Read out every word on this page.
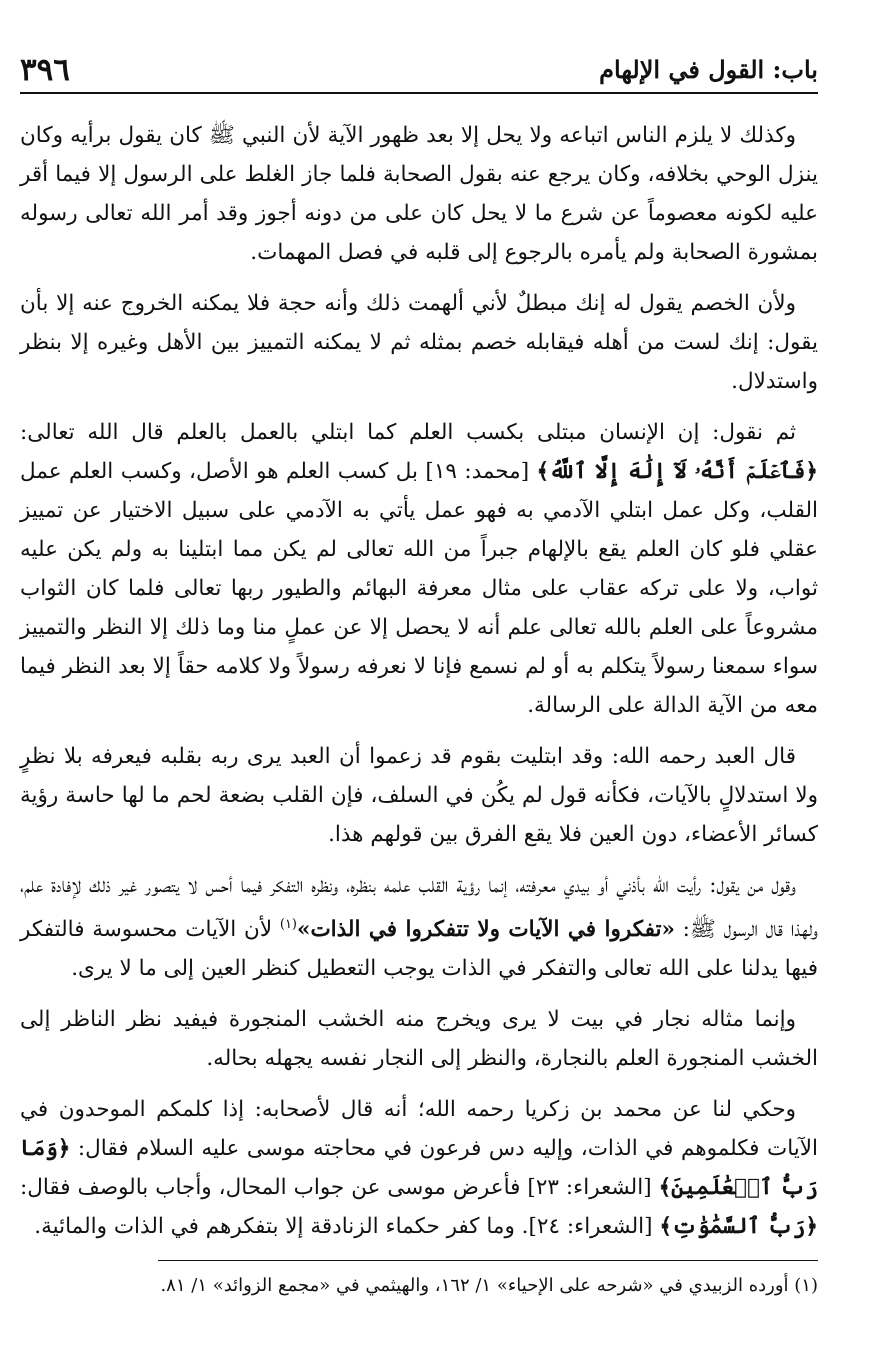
باب: القول في الإلهام
٣٩٦

وكذلك لا يلزم الناس اتباعه ولا يحل إلا بعد ظهور الآية لأن النبي ﷺ كان يقول برأيه وكان ينزل الوحي بخلافه، وكان يرجع عنه بقول الصحابة فلما جاز الغلط على الرسول إلا فيما أقر عليه لكونه معصوماً عن شرع ما لا يحل كان على من دونه أجوز وقد أمر الله تعالى رسوله بمشورة الصحابة ولم يأمره بالرجوع إلى قلبه في فصل المهمات.

ولأن الخصم يقول له إنك مبطلٌ لأني ألهمت ذلك وأنه حجة فلا يمكنه الخروج عنه إلا بأن يقول: إنك لست من أهله فيقابله خصم بمثله ثم لا يمكنه التمييز بين الأهل وغيره إلا بنظر واستدلال.

ثم نقول: إن الإنسان مبتلى بكسب العلم كما ابتلي بالعمل بالعلم قال الله تعالى: ﴿فَٱعۡلَمۡ أَنَّهُۥ لَآ إِلَٰهَ إِلَّا ٱللَّهُ﴾ [محمد: ١٩] بل كسب العلم هو الأصل، وكسب العلم عمل القلب، وكل عمل ابتلي الآدمي به فهو عمل يأتي به الآدمي على سبيل الاختيار عن تمييز عقلي فلو كان العلم يقع بالإلهام جبراً من الله تعالى لم يكن مما ابتلينا به ولم يكن عليه ثواب، ولا على تركه عقاب على مثال معرفة البهائم والطيور ربها تعالى فلما كان الثواب مشروعاً على العلم بالله تعالى علم أنه لا يحصل إلا عن عملٍ منا وما ذلك إلا النظر والتمييز سواء سمعنا رسولاً يتكلم به أو لم نسمع فإنا لا نعرفه رسولاً ولا كلامه حقاً إلا بعد النظر فيما معه من الآية الدالة على الرسالة.

قال العبد رحمه الله: وقد ابتليت بقوم قد زعموا أن العبد يرى ربه بقلبه فيعرفه بلا نظرٍ ولا استدلالٍ بالآيات، فكأنه قول لم يكُن في السلف، فإن القلب بضعة لحم ما لها حاسة رؤية كسائر الأعضاء، دون العين فلا يقع الفرق بين قولهم هذا.

وقول من يقول: رأيت الله بأذني أو بيدي معرفته، إنما رؤية القلب علمه بنظره، ونظره التفكر فيما أحس لا يتصور غير ذلك لإفادة علم، ولهذا قال الرسول ﷺ: «تفكروا في الآيات ولا تتفكروا في الذات»$^{(١)}$ لأن الآيات محسوسة فالتفكر فيها يدلنا على الله تعالى والتفكر في الذات يوجب التعطيل كنظر العين إلى ما لا يرى.

وإنما مثاله نجار في بيت لا يرى ويخرج منه الخشب المنجورة فيفيد نظر الناظر إلى الخشب المنجورة العلم بالنجارة، والنظر إلى النجار نفسه يجهله بحاله.

وحكي لنا عن محمد بن زكريا رحمه الله؛ أنه قال لأصحابه: إذا كلمكم الموحدون في الآيات فكلموهم في الذات، وإليه دس فرعون في محاجته موسى عليه السلام فقال: ﴿وَمَا رَبُّ ٱلۡعَٰلَمِينَ﴾ [الشعراء: ٢٣] فأعرض موسى عن جواب المحال، وأجاب بالوصف فقال: ﴿رَبُّ ٱلسَّمَٰوَٰتِ﴾ [الشعراء: ٢٤]. وما كفر حكماء الزنادقة إلا بتفكرهم في الذات والمائية.

(١) أورده الزبيدي في «شرحه على الإحياء» ١/ ١٦٢، والهيثمي في «مجمع الزوائد» ١/ ٨١.
